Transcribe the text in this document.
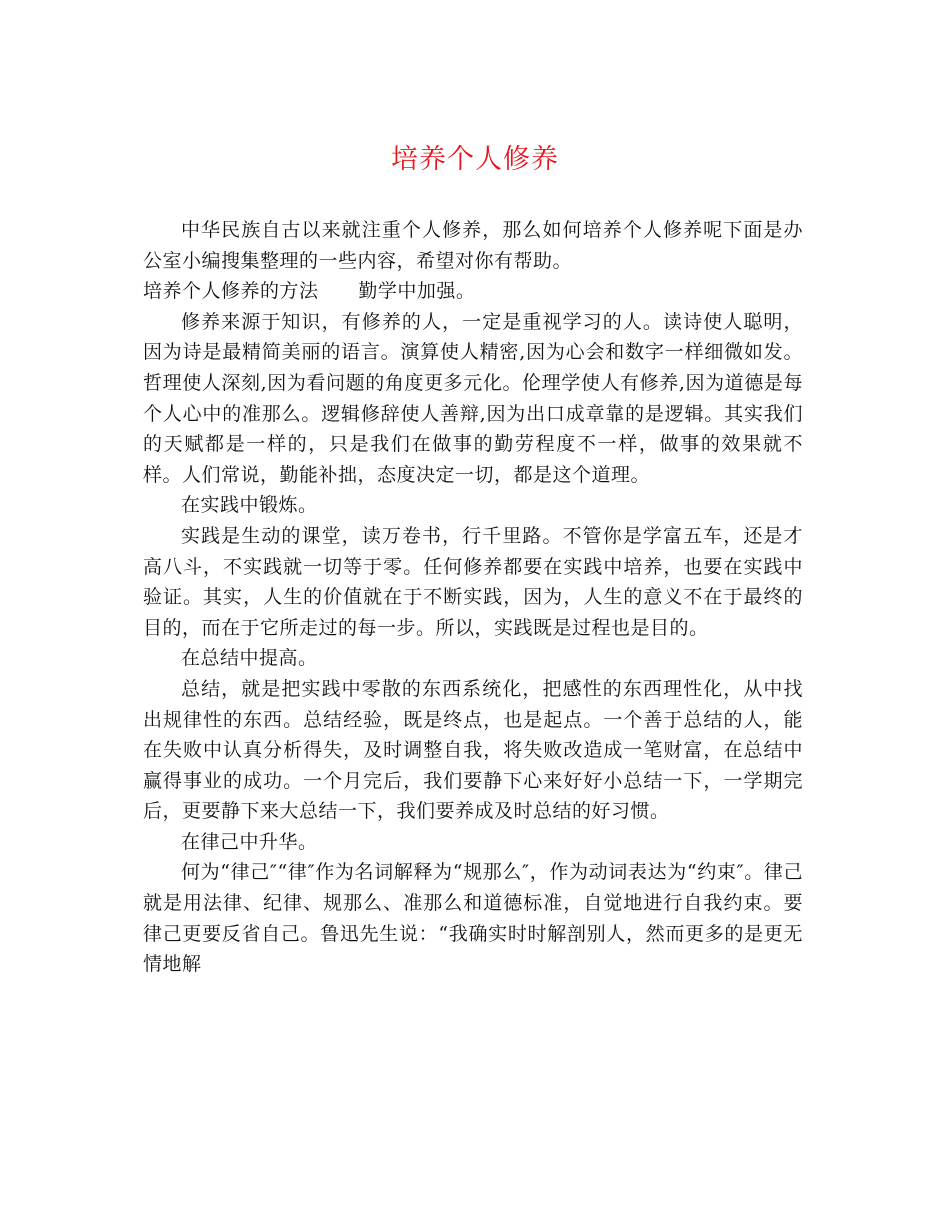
培养个人修养

中华民族自古以来就注重个人修养，那么如何培养个人修养呢下面是办公室小编搜集整理的一些内容，希望对你有帮助。

培养个人修养的方法 勤学中加强。

修养来源于知识，有修养的人，一定是重视学习的人。读诗使人聪明，因为诗是最精简美丽的语言。演算使人精密,因为心会和数字一样细微如发。哲理使人深刻,因为看问题的角度更多元化。伦理学使人有修养,因为道德是每个人心中的准那么。逻辑修辞使人善辩,因为出口成章靠的是逻辑。其实我们的天赋都是一样的，只是我们在做事的勤劳程度不一样，做事的效果就不样。人们常说，勤能补拙，态度决定一切，都是这个道理。

在实践中锻炼。

实践是生动的课堂，读万卷书，行千里路。不管你是学富五车，还是才高八斗，不实践就一切等于零。任何修养都要在实践中培养，也要在实践中验证。其实，人生的价值就在于不断实践，因为，人生的意义不在于最终的目的，而在于它所走过的每一步。所以，实践既是过程也是目的。

在总结中提高。

总结，就是把实践中零散的东西系统化，把感性的东西理性化，从中找出规律性的东西。总结经验，既是终点，也是起点。一个善于总结的人，能在失败中认真分析得失，及时调整自我，将失败改造成一笔财富，在总结中赢得事业的成功。一个月完后，我们要静下心来好好小总结一下，一学期完后，更要静下来大总结一下，我们要养成及时总结的好习惯。

在律己中升华。

何为“律己″“律″作为名词解释为“规那么″，作为动词表达为“约束″。律己就是用法律、纪律、规那么、准那么和道德标准，自觉地进行自我约束。要律己更要反省自己。鲁迅先生说：“我确实时时解剖别人，然而更多的是更无情地解
